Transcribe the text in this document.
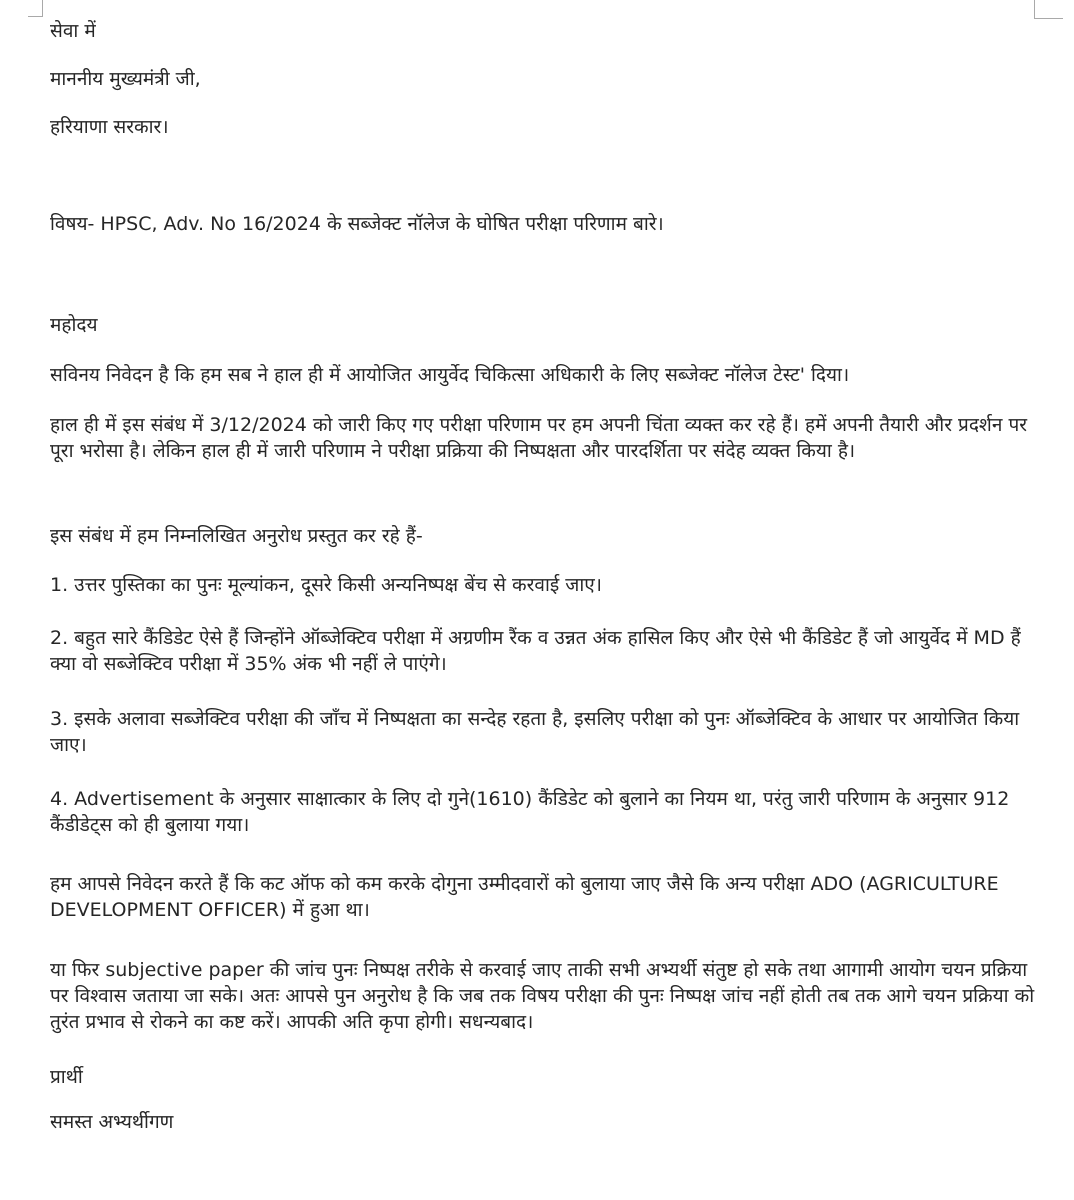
सेवा में
माननीय मुख्यमंत्री जी,
हरियाणा सरकार।
विषय- HPSC, Adv. No 16/2024 के सब्जेक्ट नॉलेज के घोषित परीक्षा परिणाम बारे।
महोदय
सविनय निवेदन है कि हम सब ने हाल ही में आयोजित आयुर्वेद चिकित्सा अधिकारी के लिए सब्जेक्ट नॉलेज टेस्ट' दिया।
हाल ही में इस संबंध में 3/12/2024 को जारी किए गए परीक्षा परिणाम पर हम अपनी चिंता व्यक्त कर रहे हैं। हमें अपनी तैयारी और प्रदर्शन पर पूरा भरोसा है। लेकिन हाल ही में जारी परिणाम ने परीक्षा प्रक्रिया की निष्पक्षता और पारदर्शिता पर संदेह व्यक्त किया है।
इस संबंध में हम निम्नलिखित अनुरोध प्रस्तुत कर रहे हैं-
1. उत्तर पुस्तिका का पुनः मूल्यांकन, दूसरे किसी अन्यनिष्पक्ष बेंच से करवाई जाए।
2. बहुत सारे कैंडिडेट ऐसे हैं जिन्होंने ऑब्जेक्टिव परीक्षा में अग्रणीम रैंक व उन्नत अंक हासिल किए और ऐसे भी कैंडिडेट हैं जो आयुर्वेद में MD हैं क्या वो सब्जेक्टिव परीक्षा में 35% अंक भी नहीं ले पाएंगे।
3. इसके अलावा सब्जेक्टिव परीक्षा की जाँच में निष्पक्षता का सन्देह रहता है, इसलिए परीक्षा को पुनः ऑब्जेक्टिव के आधार पर आयोजित किया जाए।
4. Advertisement के अनुसार साक्षात्कार के लिए दो गुने(1610) कैंडिडेट को बुलाने का नियम था, परंतु जारी परिणाम के अनुसार 912 कैंडीडेट्स को ही बुलाया गया।
हम आपसे निवेदन करते हैं कि कट ऑफ को कम करके दोगुना उम्मीदवारों को बुलाया जाए जैसे कि अन्य परीक्षा ADO (AGRICULTURE DEVELOPMENT OFFICER) में हुआ था।
या फिर subjective paper की जांच पुनः निष्पक्ष तरीके से करवाई जाए ताकी सभी अभ्यर्थी संतुष्ट हो सके तथा आगामी आयोग चयन प्रक्रिया पर विश्वास जताया जा सके। अतः आपसे पुन अनुरोध है कि जब तक विषय परीक्षा की पुनः निष्पक्ष जांच नहीं होती तब तक आगे चयन प्रक्रिया को तुरंत प्रभाव से रोकने का कष्ट करें। आपकी अति कृपा होगी। सधन्यबाद।
प्रार्थी
समस्त अभ्यर्थीगण
